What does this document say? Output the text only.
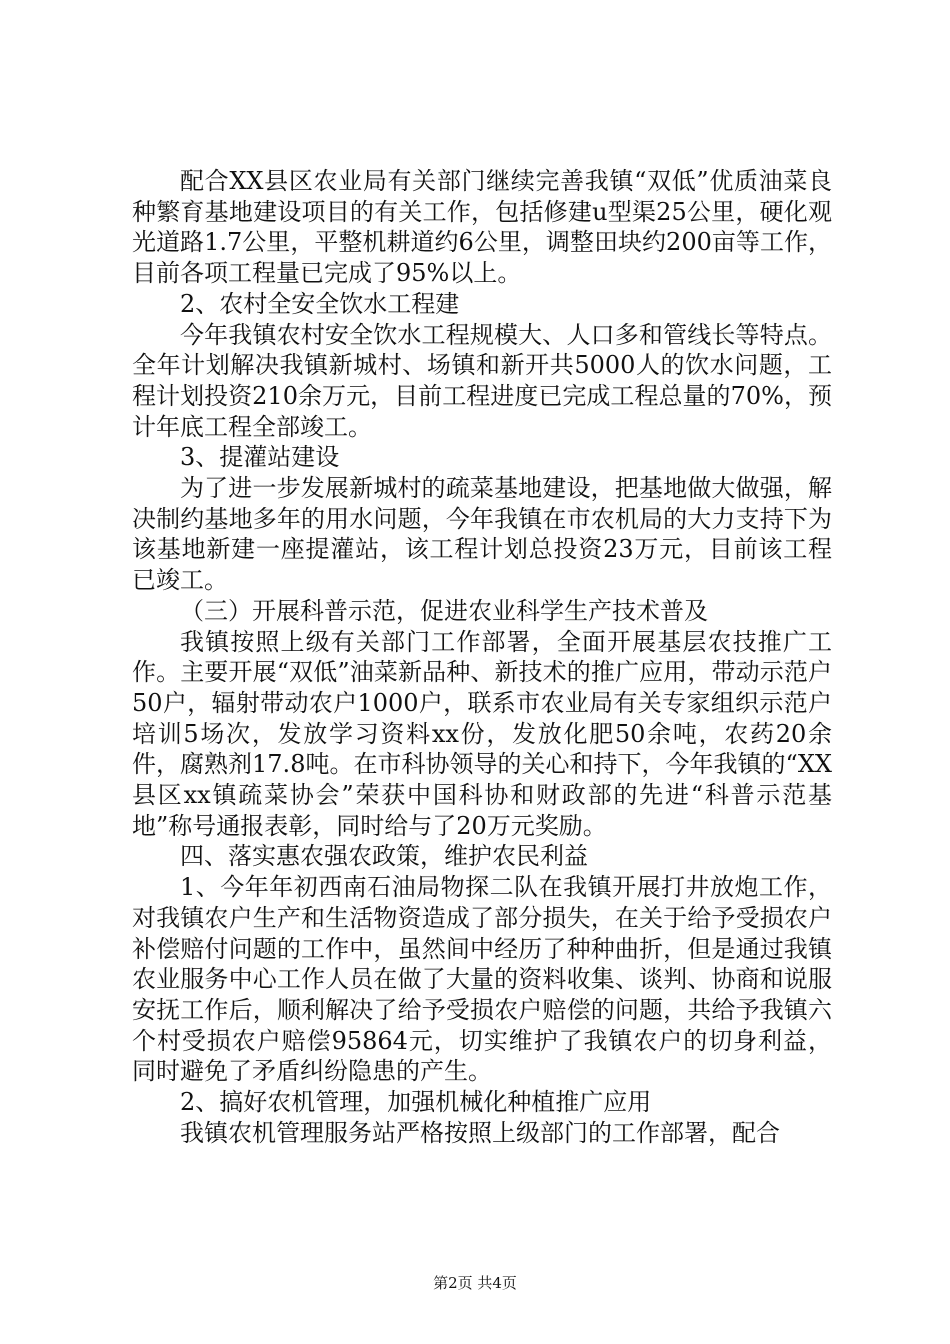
配合XX县区农业局有关部门继续完善我镇“双低”优质油菜良种繁育基地建设项目的有关工作，包括修建u型渠25公里，硬化观光道路1.7公里，平整机耕道约6公里，调整田块约200亩等工作，目前各项工程量已完成了95%以上。

2、农村全安全饮水工程建

今年我镇农村安全饮水工程规模大、人口多和管线长等特点。全年计划解决我镇新城村、场镇和新开共5000人的饮水问题，工程计划投资210余万元，目前工程进度已完成工程总量的70%，预计年底工程全部竣工。

3、提灌站建设

为了进一步发展新城村的疏菜基地建设，把基地做大做强，解决制约基地多年的用水问题，今年我镇在市农机局的大力支持下为该基地新建一座提灌站，该工程计划总投资23万元，目前该工程已竣工。

（三）开展科普示范，促进农业科学生产技术普及

我镇按照上级有关部门工作部署，全面开展基层农技推广工作。主要开展“双低”油菜新品种、新技术的推广应用，带动示范户50户，辐射带动农户1000户，联系市农业局有关专家组织示范户培训5场次，发放学习资料xx份，发放化肥50余吨，农药20余件，腐熟剂17.8吨。在市科协领导的关心和持下，今年我镇的“XX县区xx镇疏菜协会”荣获中国科协和财政部的先进“科普示范基地”称号通报表彰，同时给与了20万元奖励。

四、落实惠农强农政策，维护农民利益

1、今年年初西南石油局物探二队在我镇开展打井放炮工作，对我镇农户生产和生活物资造成了部分损失，在关于给予受损农户补偿赔付问题的工作中，虽然间中经历了种种曲折，但是通过我镇农业服务中心工作人员在做了大量的资料收集、谈判、协商和说服安抚工作后，顺利解决了给予受损农户赔偿的问题，共给予我镇六个村受损农户赔偿95864元，切实维护了我镇农户的切身利益，同时避免了矛盾纠纷隐患的产生。

2、搞好农机管理，加强机械化种植推广应用

我镇农机管理服务站严格按照上级部门的工作部署，配合

第2页 共4页
